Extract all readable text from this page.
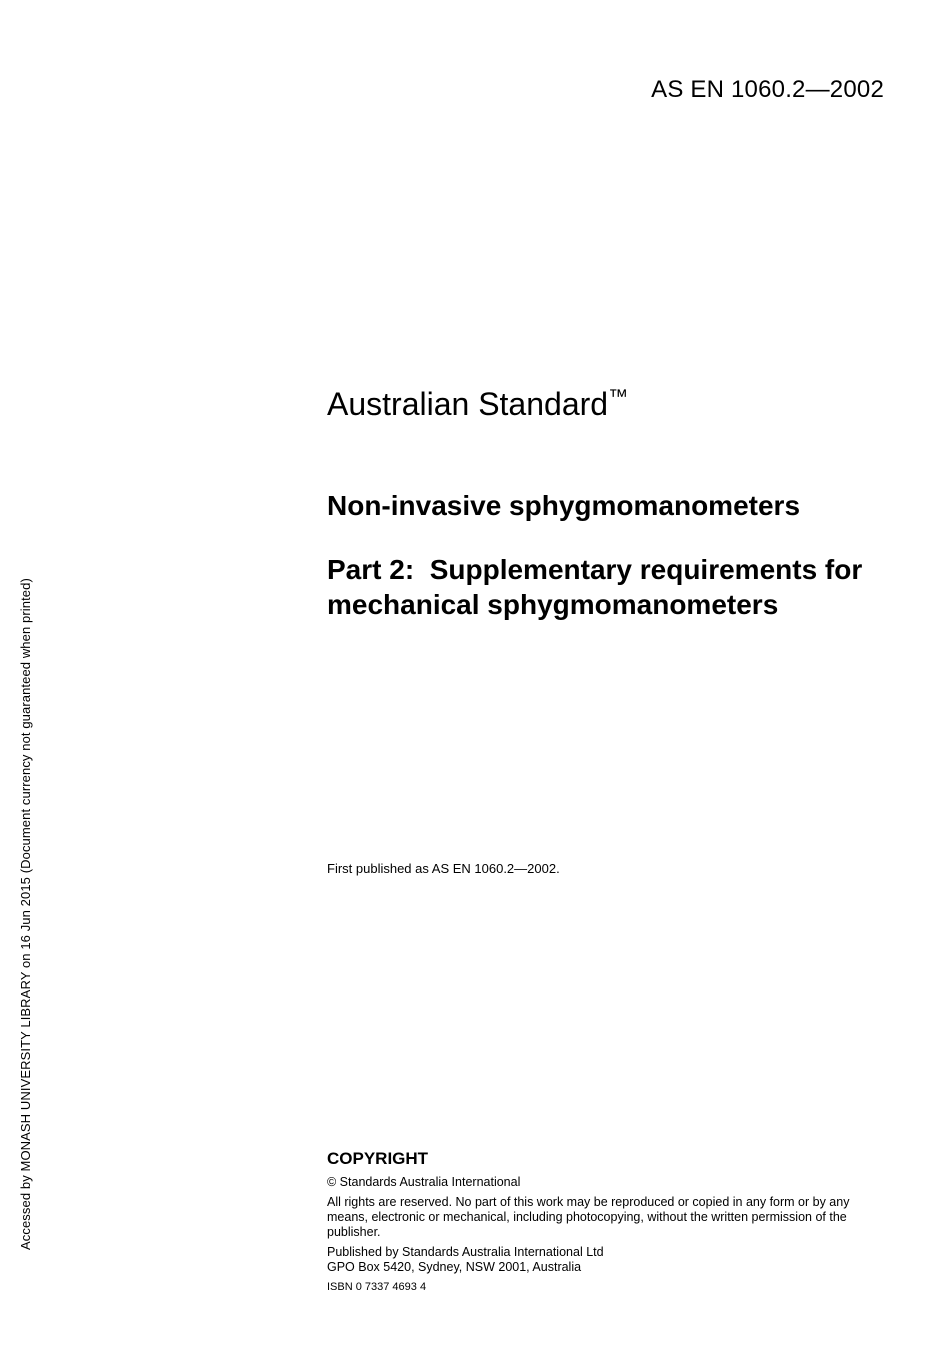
AS EN 1060.2—2002
Accessed by MONASH UNIVERSITY LIBRARY on 16 Jun 2015 (Document currency not guaranteed when printed)
Australian Standard™
Non-invasive sphygmomanometers
Part 2:  Supplementary requirements for
mechanical sphygmomanometers
First published as AS EN 1060.2—2002.
COPYRIGHT
© Standards Australia International
All rights are reserved. No part of this work may be reproduced or copied in any form or by any means, electronic or mechanical, including photocopying, without the written permission of the publisher.
Published by Standards Australia International Ltd
GPO Box 5420, Sydney, NSW 2001, Australia
ISBN 0 7337 4693 4
